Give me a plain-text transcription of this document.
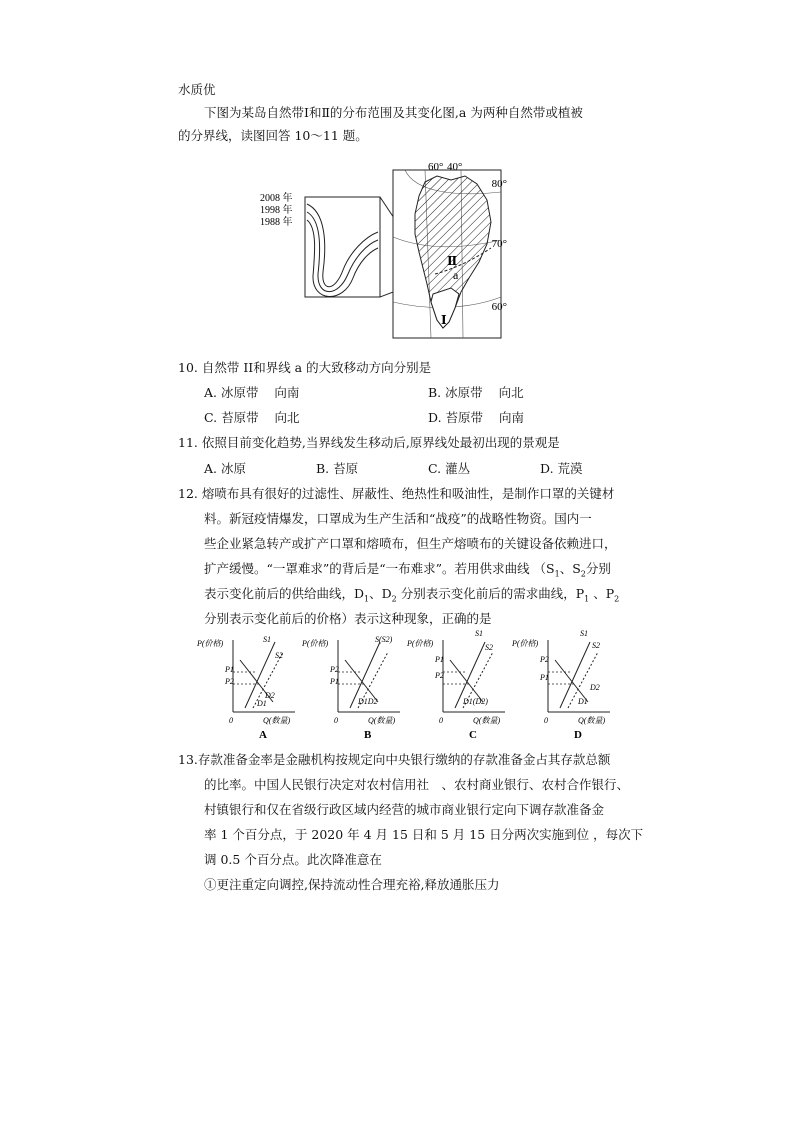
水质优
下图为某岛自然带Ⅰ和Ⅱ的分布范围及其变化图,a 为两种自然带或植被
的分界线，读图回答 10～11 题。
2008 年
1998 年
1988 年
60° 40°
80°
70°
60°
Ⅱ
a
Ⅰ
10. 自然带 II和界线 a 的大致移动方向分别是
A. 冰原带 向南	B. 冰原带 向北
C. 苔原带 向北	D. 苔原带 向南
11. 依照目前变化趋势,当界线发生移动后,原界线处最初出现的景观是
A. 冰原	B. 苔原	C. 灌丛	D. 荒漠
12. 熔喷布具有很好的过滤性、屏蔽性、绝热性和吸油性，是制作口罩的关键材
料。新冠疫情爆发，口罩成为生产生活和“战疫”的战略性物资。国内一
些企业紧急转产或扩产口罩和熔喷布，但生产熔喷布的关键设备依赖进口，
扩产缓慢。“一罩难求”的背后是“一布难求”。若用供求曲线 （$S_1$、$S_2$分别
表示变化前后的供给曲线，$D_1$、$D_2$ 分别表示变化前后的需求曲线，$P_1$ 、$P_2$
分别表示变化前后的价格）表示这种现象，正确的是
P(价格)
Q(数量)
0
S1
S2
P1
P2
D2
D1
A
P(价格)
Q(数量)
0
S(S2)
P2
P1
D1D2
B
P(价格)
Q(数量)
0
S1
S2
P1
P2
D1(D2)
C
P(价格)
Q(数量)
0
S1
S2
P2
P1
D2
D1
D
13.存款准备金率是金融机构按规定向中央银行缴纳的存款准备金占其存款总额
的比率。中国人民银行决定对农村信用社　、农村商业银行、农村合作银行、
村镇银行和仅在省级行政区域内经营的城市商业银行定向下调存款准备金
率 1 个百分点，于 2020 年 4 月 15 日和 5 月 15 日分两次实施到位 ，每次下
调 0.5 个百分点。此次降准意在
①更注重定向调控,保持流动性合理充裕,释放通胀压力
